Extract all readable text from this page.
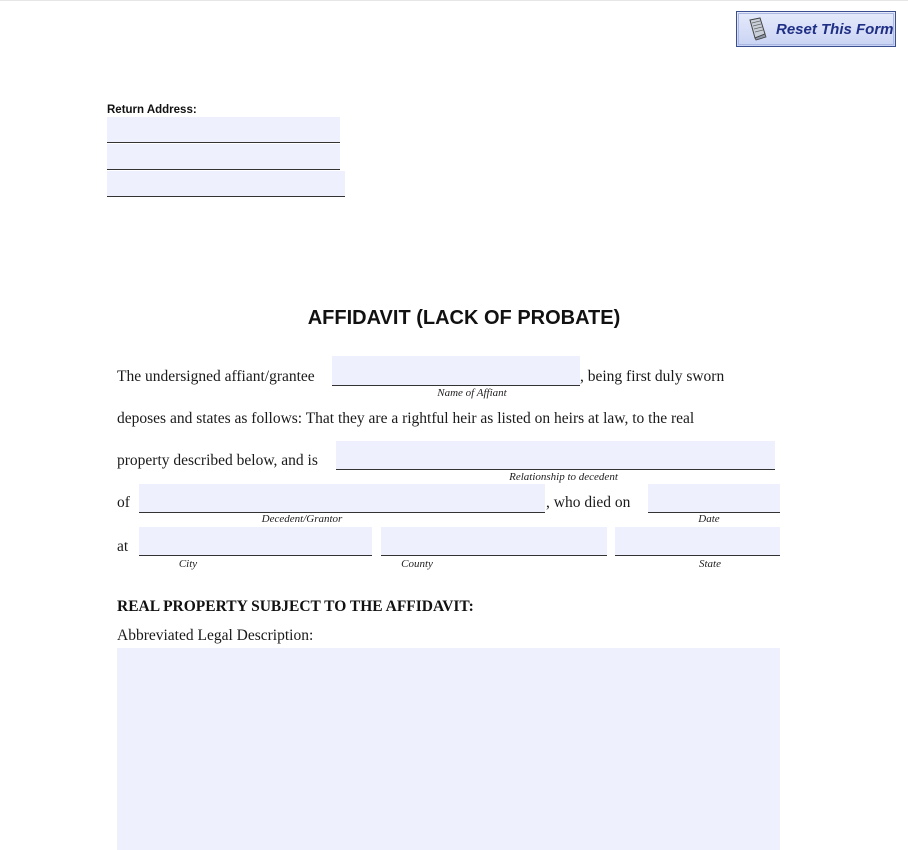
Reset This Form
Return Address:
AFFIDAVIT (LACK OF PROBATE)
The undersigned affiant/grantee	, being first duly sworn
Name of Affiant
deposes and states as follows: That they are a rightful heir as listed on heirs at law, to the real
property described below, and is
Relationship to decedent
of	, who died on
Decedent/Grantor	Date
at
City	County	State
REAL PROPERTY SUBJECT TO THE AFFIDAVIT:
Abbreviated Legal Description:
